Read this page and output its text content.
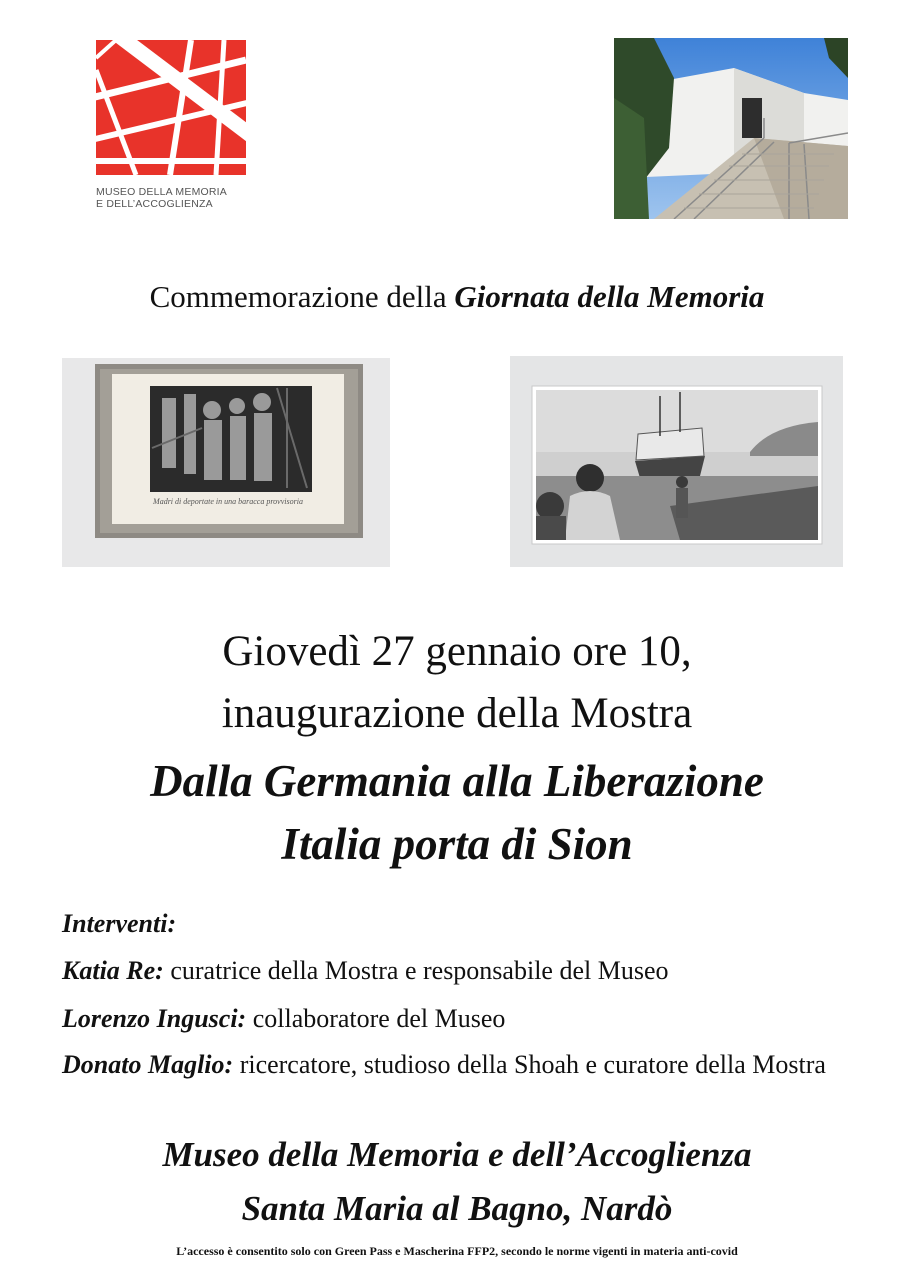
MUSEO DELLA MEMORIA
E DELL’ACCOGLIENZA
Commemorazione della Giornata della Memoria
Madri di deportate in una baracca provvisoria
Giovedì 27 gennaio ore 10,
inaugurazione della Mostra
Dalla Germania alla Liberazione
Italia porta di Sion
Interventi:
Katia Re: curatrice della Mostra e responsabile del Museo
Lorenzo Ingusci: collaboratore del Museo
Donato Maglio: ricercatore, studioso della Shoah e curatore della Mostra
Museo della Memoria e dell’Accoglienza
Santa Maria al Bagno, Nardò
L’accesso è consentito solo con Green Pass e Mascherina FFP2, secondo le norme vigenti in materia anti-covid
